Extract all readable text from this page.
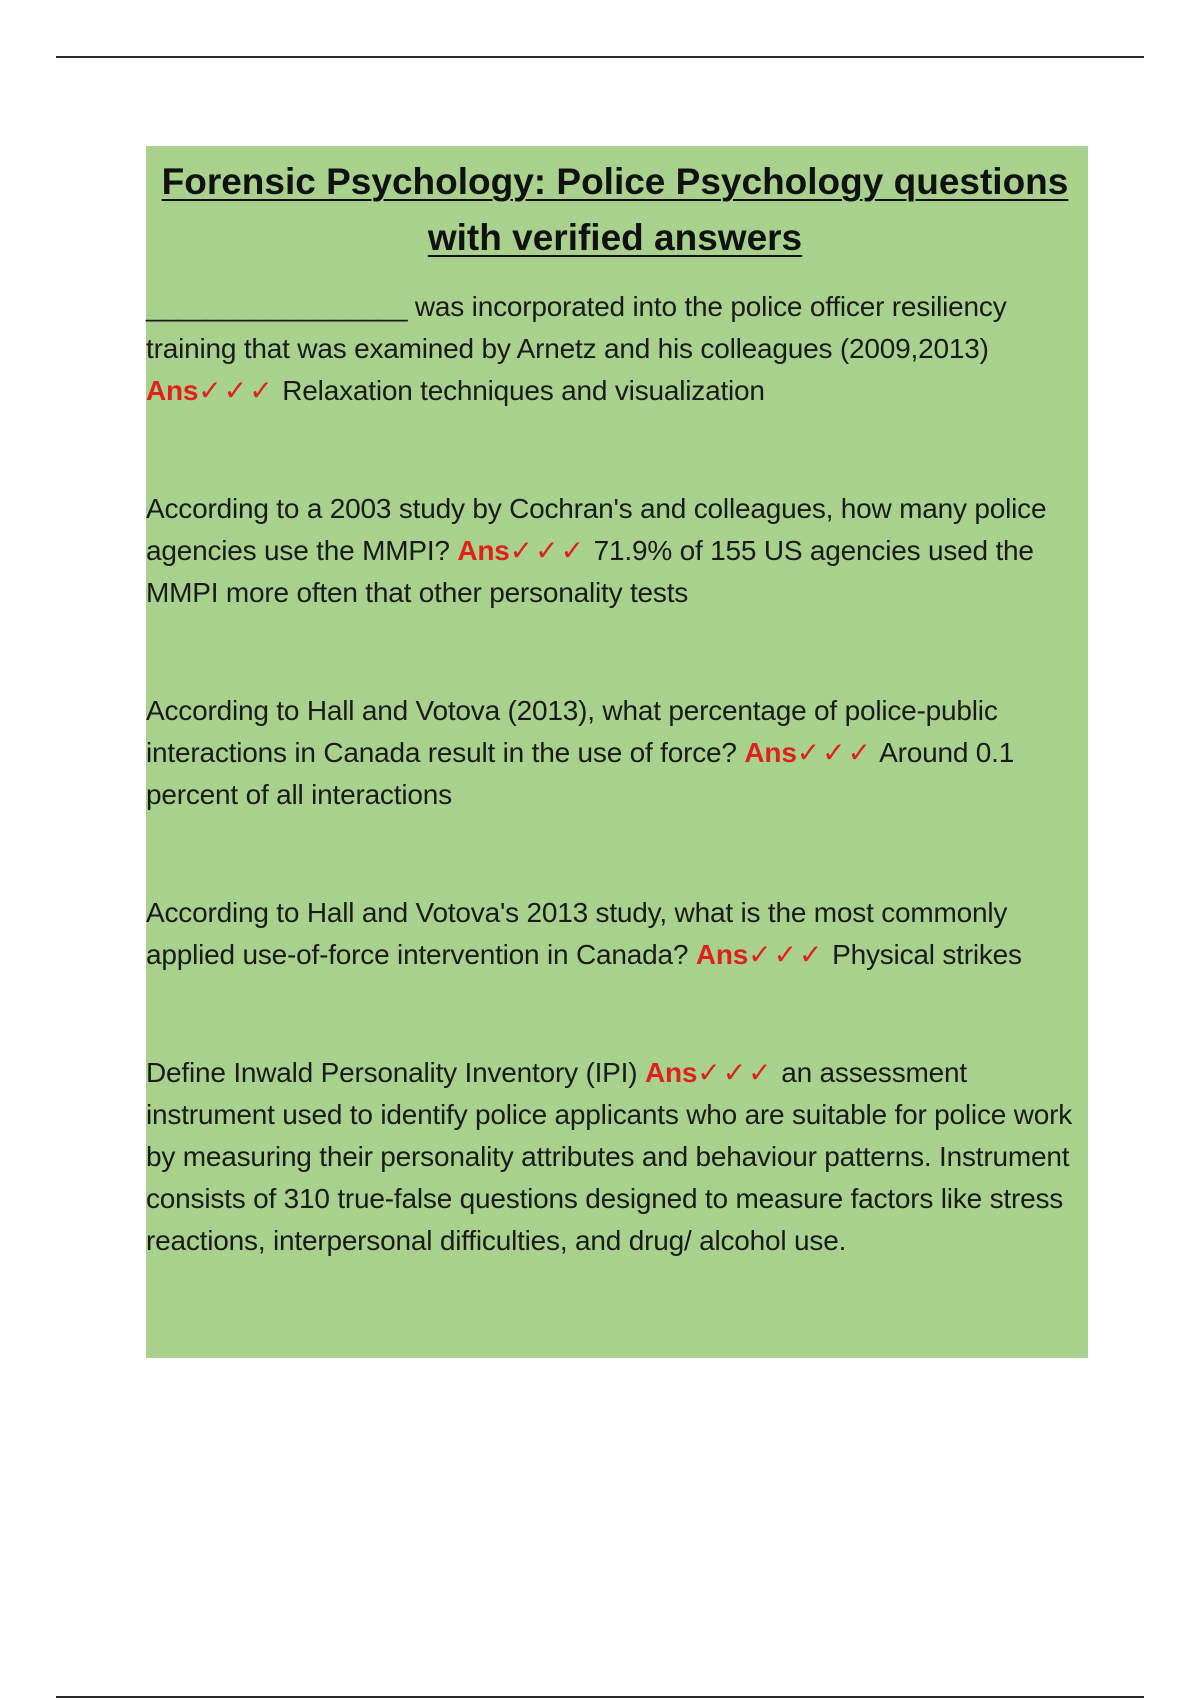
Forensic Psychology: Police Psychology questions
with verified answers

_________________ was incorporated into the police officer resiliency training that was examined by Arnetz and his colleagues (2009,2013) Ans✓✓✓ Relaxation techniques and visualization

According to a 2003 study by Cochran's and colleagues, how many police agencies use the MMPI? Ans✓✓✓ 71.9% of 155 US agencies used the MMPI more often that other personality tests

According to Hall and Votova (2013), what percentage of police-public interactions in Canada result in the use of force? Ans✓✓✓ Around 0.1 percent of all interactions

According to Hall and Votova's 2013 study, what is the most commonly applied use-of-force intervention in Canada? Ans✓✓✓ Physical strikes

Define Inwald Personality Inventory (IPI) Ans✓✓✓ an assessment instrument used to identify police applicants who are suitable for police work by measuring their personality attributes and behaviour patterns. Instrument consists of 310 true-false questions designed to measure factors like stress reactions, interpersonal difficulties, and drug/ alcohol use.
